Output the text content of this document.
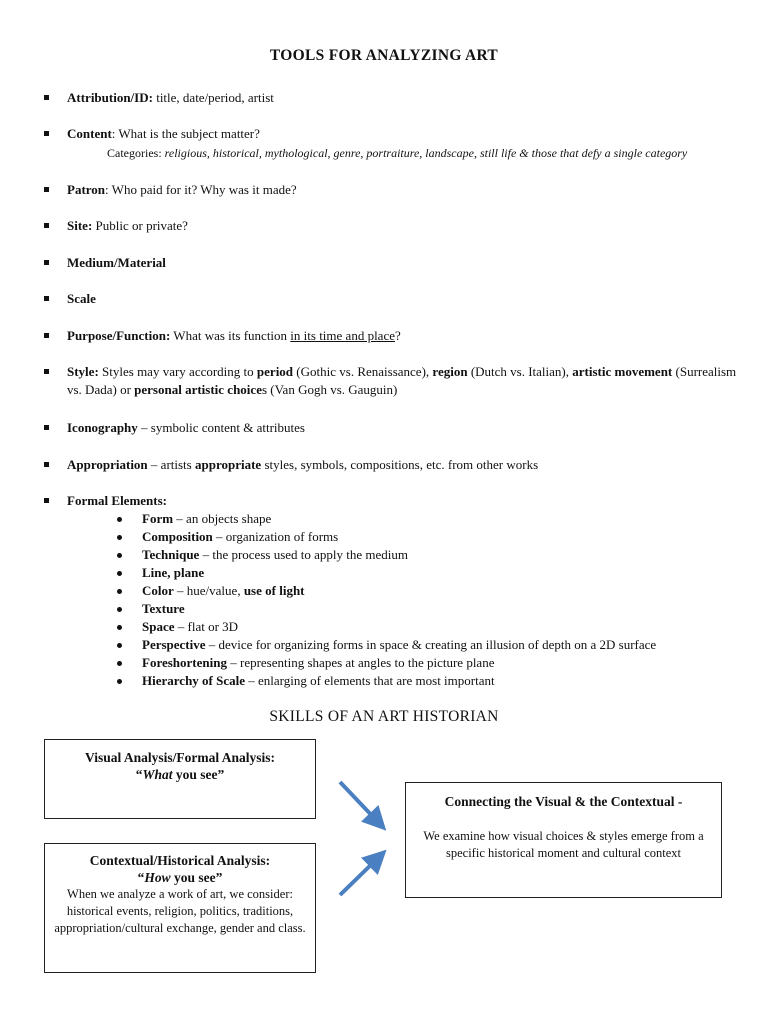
TOOLS FOR ANALYZING ART
Attribution/ID: title, date/period, artist
Content: What is the subject matter?
Categories: religious, historical, mythological, genre, portraiture, landscape, still life & those that defy a single category
Patron: Who paid for it? Why was it made?
Site: Public or private?
Medium/Material
Scale
Purpose/Function: What was its function in its time and place?
Style: Styles may vary according to period (Gothic vs. Renaissance), region (Dutch vs. Italian), artistic movement (Surrealism vs. Dada) or personal artistic choices (Van Gogh vs. Gauguin)
Iconography – symbolic content & attributes
Appropriation – artists appropriate styles, symbols, compositions, etc. from other works
Formal Elements:
Form – an objects shape
Composition – organization of forms
Technique – the process used to apply the medium
Line, plane
Color – hue/value, use of light
Texture
Space – flat or 3D
Perspective – device for organizing forms in space & creating an illusion of depth on a 2D surface
Foreshortening – representing shapes at angles to the picture plane
Hierarchy of Scale – enlarging of elements that are most important
SKILLS OF AN ART HISTORIAN
Visual Analysis/Formal Analysis:
“What you see”
Contextual/Historical Analysis:
“How you see”
When we analyze a work of art, we consider: historical events, religion, politics, traditions, appropriation/cultural exchange, gender and class.
Connecting the Visual & the Contextual -
We examine how visual choices & styles emerge from a specific historical moment and cultural context
